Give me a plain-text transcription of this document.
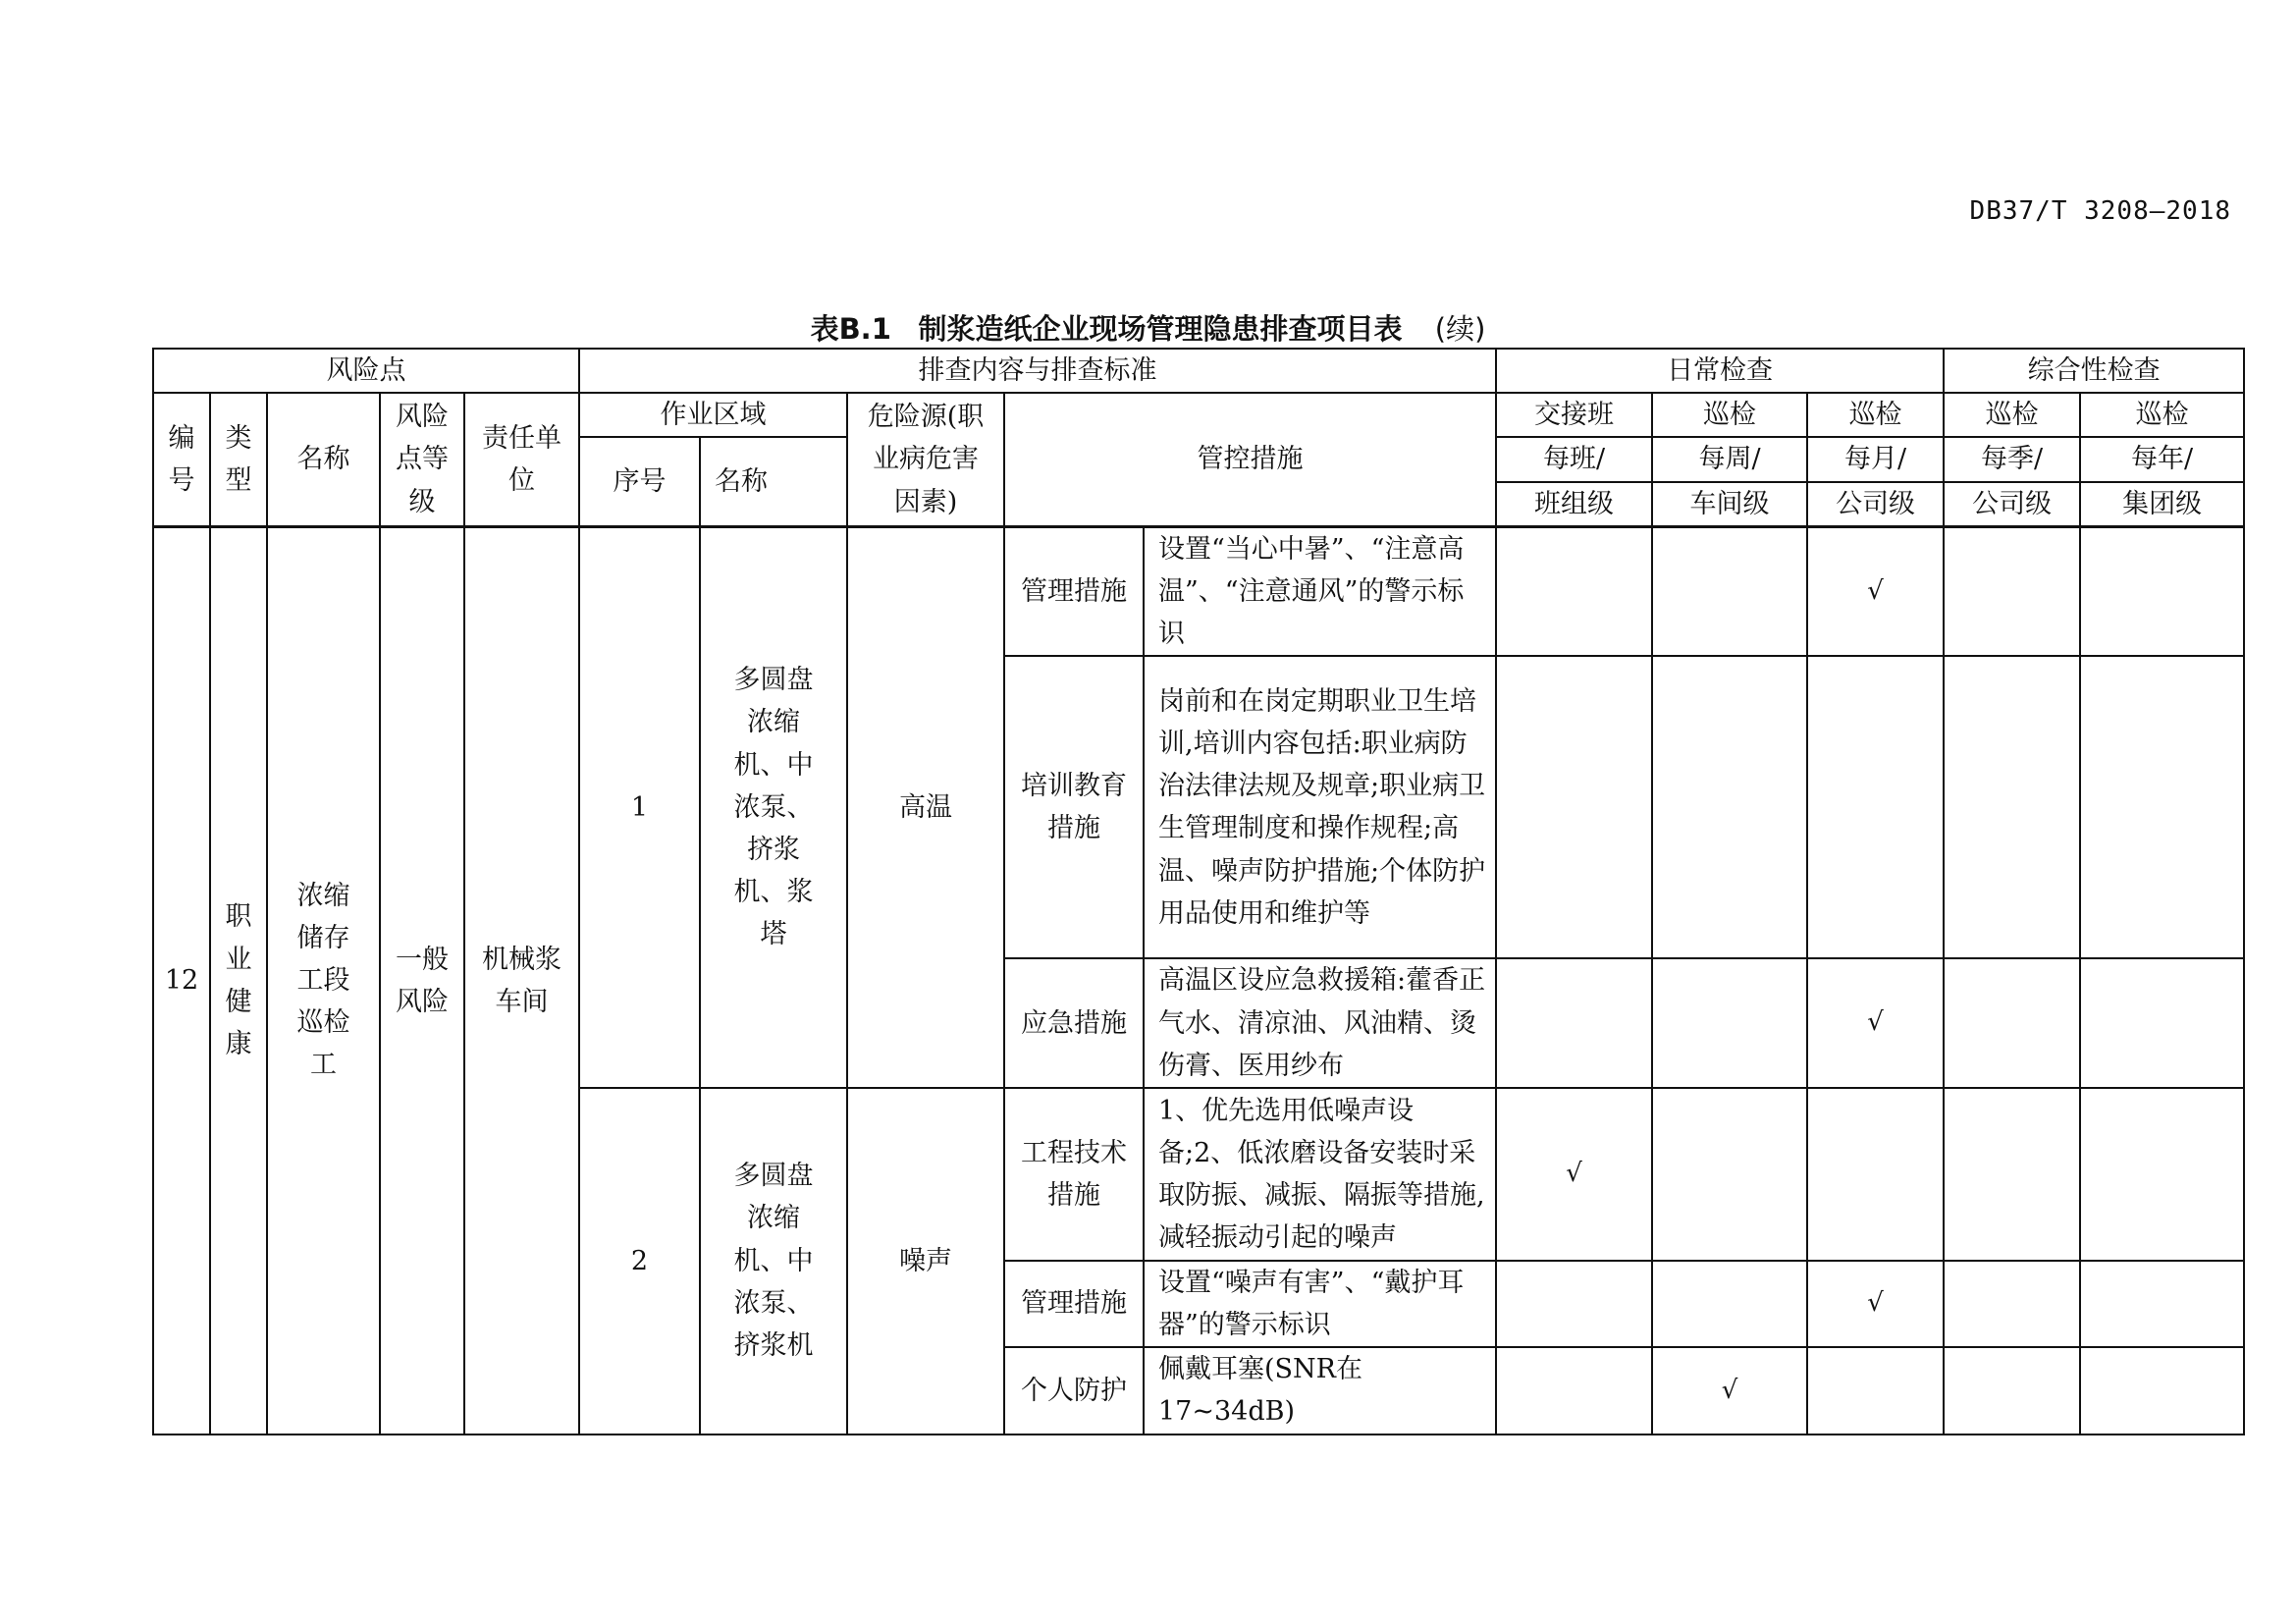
DB37/T 3208—2018
表B.1 制浆造纸企业现场管理隐患排查项目表 (续)
风险点					排查内容与排查标准					日常检查			综合性检查	
编号	类型	名称	风险点等级	责任单位	作业区域		危险源(职业病危害因素)	管控措施		交接班	巡检	巡检	巡检	巡检
					序号	名称				每班/	每周/	每月/	每季/	每年/
										班组级	车间级	公司级	公司级	集团级
12	职业健康	浓缩储存工段巡检工	一般风险	机械浆车间	1	多圆盘浓缩机、中浓泵、挤浆机、浆塔	高温	管理措施	设置“当心中暑”、“注意高温”、“注意通风”的警示标识			√		
								培训教育措施	岗前和在岗定期职业卫生培训,培训内容包括:职业病防治法律法规及规章;职业病卫生管理制度和操作规程;高温、噪声防护措施;个体防护用品使用和维护等					
								应急措施	高温区设应急救援箱:藿香正气水、清凉油、风油精、烫伤膏、医用纱布			√		
					2	多圆盘浓缩机、中浓泵、挤浆机	噪声	工程技术措施	1、优先选用低噪声设备;2、低浓磨设备安装时采取防振、减振、隔振等措施,减轻振动引起的噪声	√				
								管理措施	设置“噪声有害”、“戴护耳器”的警示标识			√		
								个人防护	佩戴耳塞(SNR在17~34dB)		√			
